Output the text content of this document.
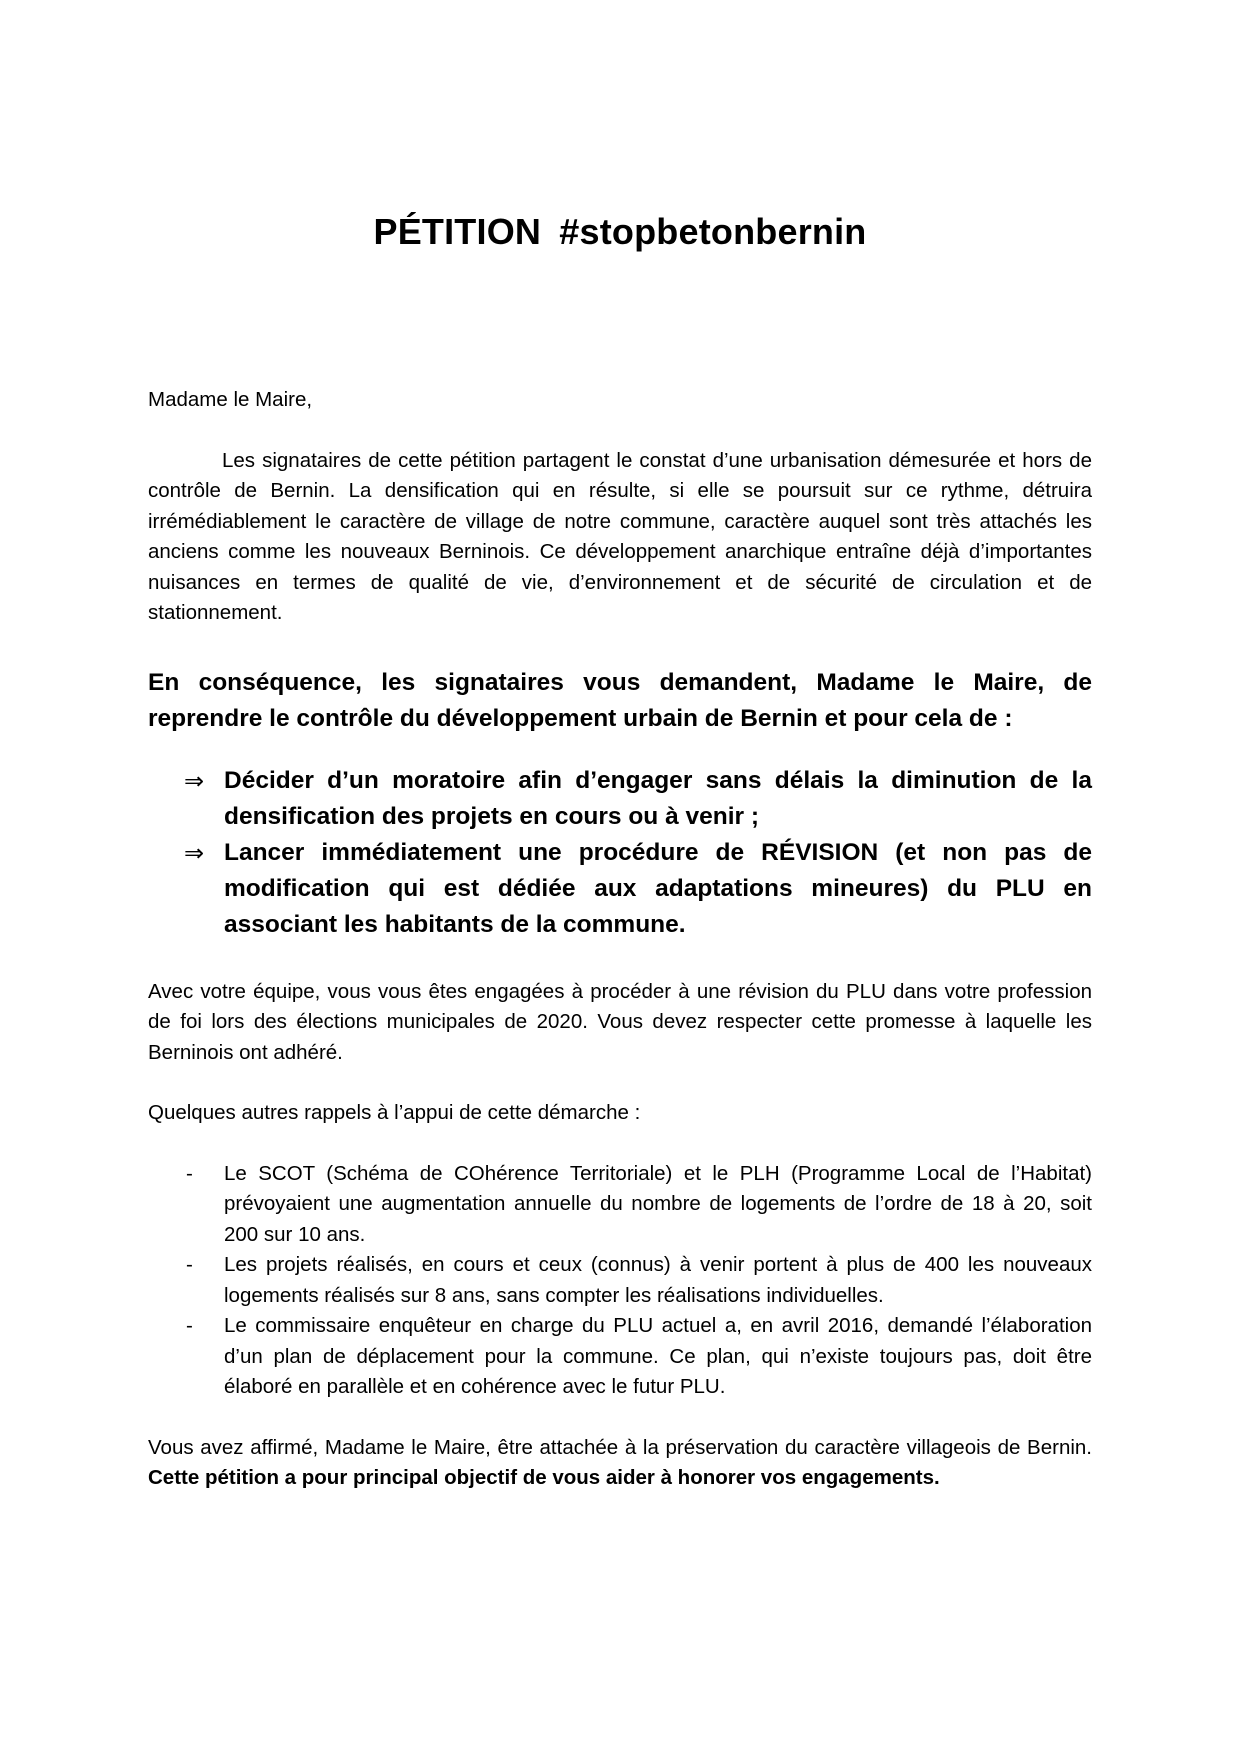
PÉTITION #stopbetonbernin

Madame le Maire,

Les signataires de cette pétition partagent le constat d’une urbanisation démesurée et hors de contrôle de Bernin. La densification qui en résulte, si elle se poursuit sur ce rythme, détruira irrémédiablement le caractère de village de notre commune, caractère auquel sont très attachés les anciens comme les nouveaux Berninois. Ce développement anarchique entraîne déjà d’importantes nuisances en termes de qualité de vie, d’environnement et de sécurité de circulation et de stationnement.

En conséquence, les signataires vous demandent, Madame le Maire, de reprendre le contrôle du développement urbain de Bernin et pour cela de :

⇒ Décider d’un moratoire afin d’engager sans délais la diminution de la densification des projets en cours ou à venir ;
⇒ Lancer immédiatement une procédure de RÉVISION (et non pas de modification qui est dédiée aux adaptations mineures) du PLU en associant les habitants de la commune.

Avec votre équipe, vous vous êtes engagées à procéder à une révision du PLU dans votre profession de foi lors des élections municipales de 2020. Vous devez respecter cette promesse à laquelle les Berninois ont adhéré.

Quelques autres rappels à l’appui de cette démarche :

- Le SCOT (Schéma de COhérence Territoriale) et le PLH (Programme Local de l’Habitat) prévoyaient une augmentation annuelle du nombre de logements de l’ordre de 18 à 20, soit 200 sur 10 ans.
- Les projets réalisés, en cours et ceux (connus) à venir portent à plus de 400 les nouveaux logements réalisés sur 8 ans, sans compter les réalisations individuelles.
- Le commissaire enquêteur en charge du PLU actuel a, en avril 2016, demandé l’élaboration d’un plan de déplacement pour la commune. Ce plan, qui n’existe toujours pas, doit être élaboré en parallèle et en cohérence avec le futur PLU.

Vous avez affirmé, Madame le Maire, être attachée à la préservation du caractère villageois de Bernin. Cette pétition a pour principal objectif de vous aider à honorer vos engagements.
